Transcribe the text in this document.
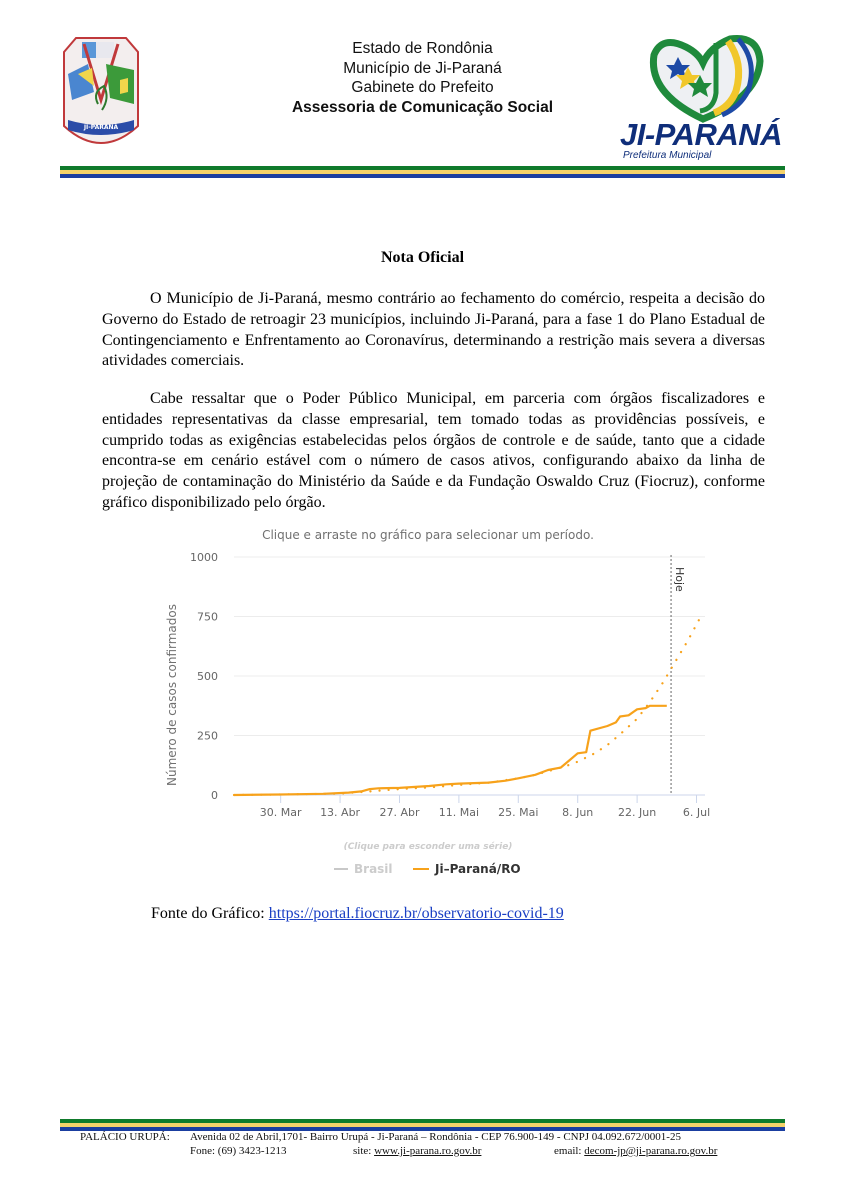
JI-PARANÁ
Estado de Rondônia
Município de Ji-Paraná
Gabinete do Prefeito
Assessoria de Comunicação Social
JI-PARANÁ
Prefeitura Municipal
Nota Oficial
O Município de Ji-Paraná, mesmo contrário ao fechamento do comércio, respeita a decisão do Governo do Estado de retroagir 23 municípios, incluindo Ji-Paraná, para a fase 1 do Plano Estadual de Contingenciamento e Enfrentamento ao Coronavírus, determinando a restrição mais severa a diversas atividades comerciais.
Cabe ressaltar que o Poder Público Municipal, em parceria com órgãos fiscalizadores e entidades representativas da classe empresarial, tem tomado todas as providências possíveis, e cumprido todas as exigências estabelecidas pelos órgãos de controle e de saúde, tanto que a cidade encontra-se em cenário estável com o número de casos ativos, configurando abaixo da linha de projeção de contaminação do Ministério da Saúde e da Fundação Oswaldo Cruz (Fiocruz), conforme gráfico disponibilizado pelo órgão.
Clique e arraste no gráfico para selecionar um período.
Número de casos confirmados
0
250
500
750
1000
30. Mar 13. Abr 27. Abr 11. Mai 25. Mai 8. Jun 22. Jun 6. Jul
Hoje
(Clique para esconder uma série)
Brasil	Ji–Paraná/RO
Fonte do Gráfico: https://portal.fiocruz.br/observatorio-covid-19
PALÁCIO URUPÁ: Avenida 02 de Abril,1701- Bairro Urupá - Ji-Paraná – Rondônia - CEP 76.900-149 - CNPJ 04.092.672/0001-25
Fone: (69) 3423-1213	site: www.ji-parana.ro.gov.br	email: decom-jp@ji-parana.ro.gov.br
